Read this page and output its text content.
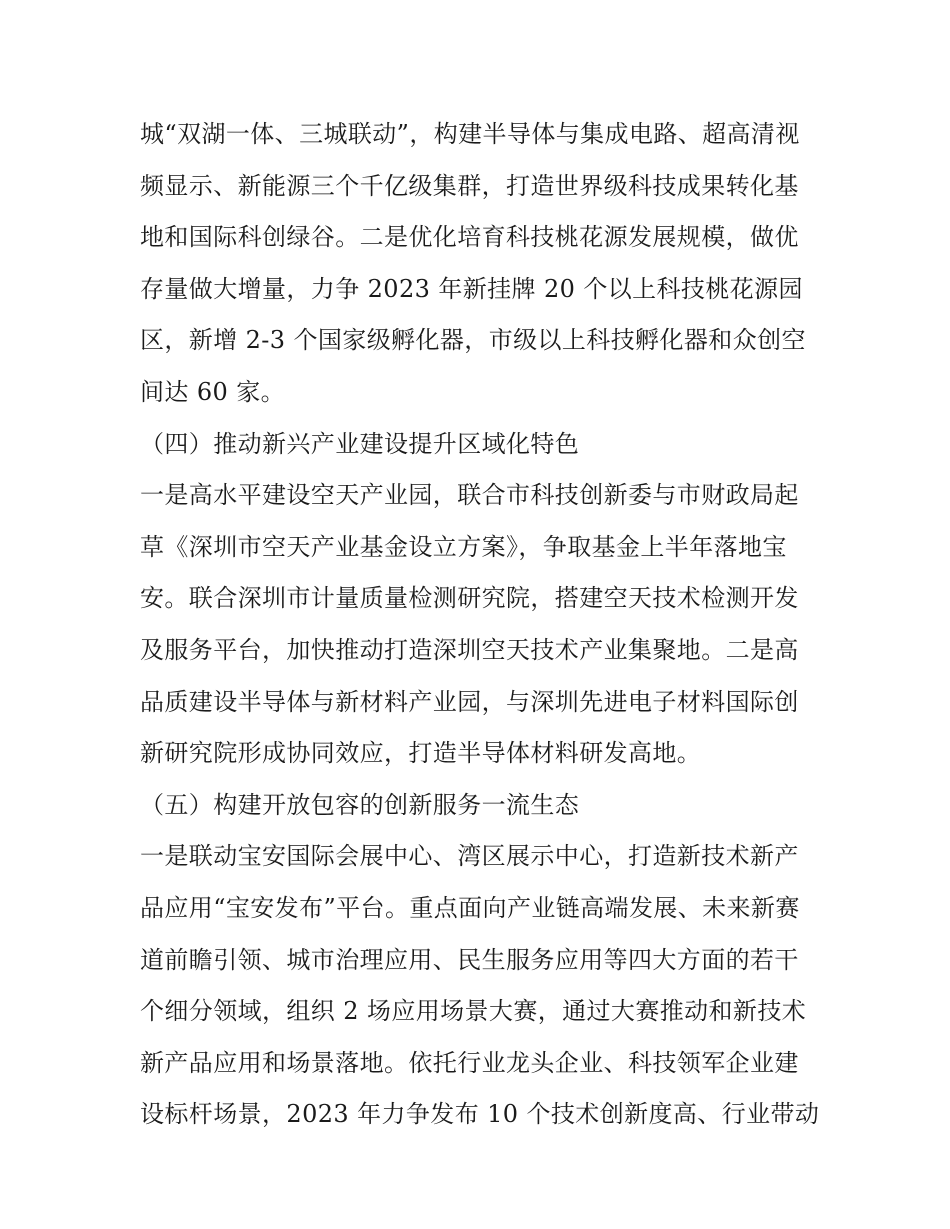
城“双湖一体、三城联动”，构建半导体与集成电路、超高清视
频显示、新能源三个千亿级集群，打造世界级科技成果转化基
地和国际科创绿谷。二是优化培育科技桃花源发展规模，做优
存量做大增量，力争 2023 年新挂牌 20 个以上科技桃花源园
区，新增 2-3 个国家级孵化器，市级以上科技孵化器和众创空
间达 60 家。
（四）推动新兴产业建设提升区域化特色
一是高水平建设空天产业园，联合市科技创新委与市财政局起
草《深圳市空天产业基金设立方案》，争取基金上半年落地宝
安。联合深圳市计量质量检测研究院，搭建空天技术检测开发
及服务平台，加快推动打造深圳空天技术产业集聚地。二是高
品质建设半导体与新材料产业园，与深圳先进电子材料国际创
新研究院形成协同效应，打造半导体材料研发高地。
（五）构建开放包容的创新服务一流生态
一是联动宝安国际会展中心、湾区展示中心，打造新技术新产
品应用“宝安发布”平台。重点面向产业链高端发展、未来新赛
道前瞻引领、城市治理应用、民生服务应用等四大方面的若干
个细分领域，组织 2 场应用场景大赛，通过大赛推动和新技术
新产品应用和场景落地。依托行业龙头企业、科技领军企业建
设标杆场景，2023 年力争发布 10 个技术创新度高、行业带动
